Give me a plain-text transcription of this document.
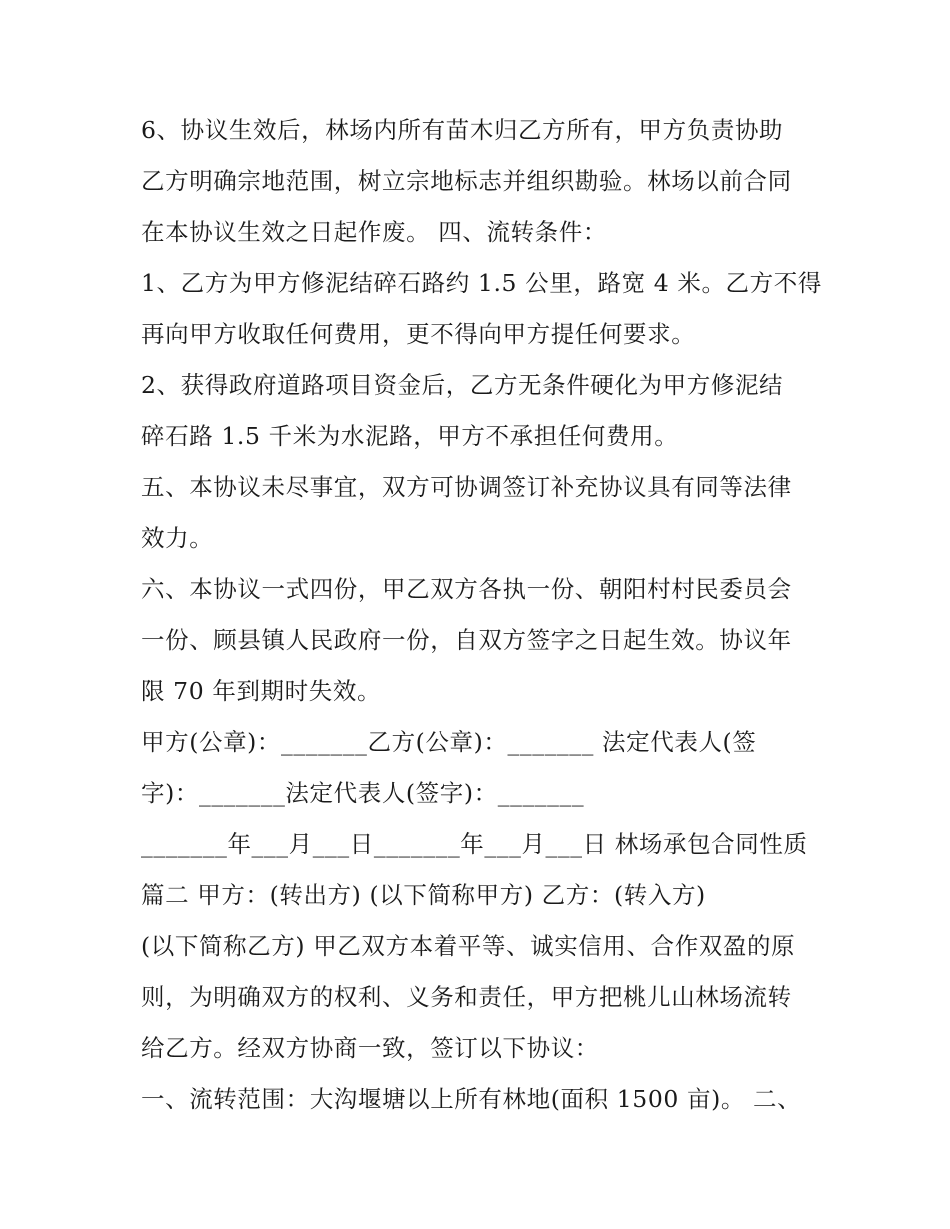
6、协议生效后，林场内所有苗木归乙方所有，甲方负责协助
乙方明确宗地范围，树立宗地标志并组织勘验。林场以前合同
在本协议生效之日起作废。 四、流转条件：
1、乙方为甲方修泥结碎石路约 1.5 公里，路宽 4 米。乙方不得
再向甲方收取任何费用，更不得向甲方提任何要求。
2、获得政府道路项目资金后，乙方无条件硬化为甲方修泥结
碎石路 1.5 千米为水泥路，甲方不承担任何费用。
五、本协议未尽事宜，双方可协调签订补充协议具有同等法律
效力。
六、本协议一式四份，甲乙双方各执一份、朝阳村村民委员会
一份、顾县镇人民政府一份，自双方签字之日起生效。协议年
限 70 年到期时失效。
甲方(公章)：_______乙方(公章)：_______ 法定代表人(签
字)：_______法定代表人(签字)：_______
_______年___月___日_______年___月___日 林场承包合同性质
篇二 甲方：(转出方) (以下简称甲方) 乙方：(转入方)
(以下简称乙方) 甲乙双方本着平等、诚实信用、合作双盈的原
则，为明确双方的权利、义务和责任，甲方把桃儿山林场流转
给乙方。经双方协商一致，签订以下协议：
一、流转范围：大沟堰塘以上所有林地(面积 1500 亩)。 二、
